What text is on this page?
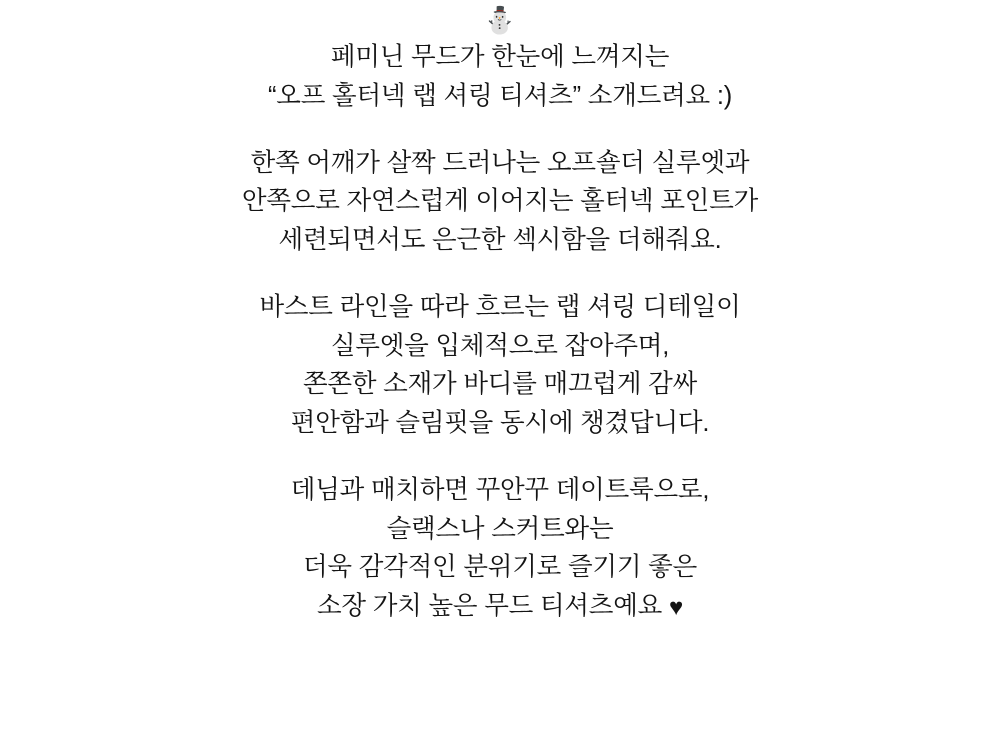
⛄

페미닌 무드가 한눈에 느껴지는
“오프 홀터넥 랩 셔링 티셔츠” 소개드려요 :)

한쪽 어깨가 살짝 드러나는 오프숄더 실루엣과
안쪽으로 자연스럽게 이어지는 홀터넥 포인트가
세련되면서도 은근한 섹시함을 더해줘요.

바스트 라인을 따라 흐르는 랩 셔링 디테일이
실루엣을 입체적으로 잡아주며,
쫀쫀한 소재가 바디를 매끄럽게 감싸
편안함과 슬림핏을 동시에 챙겼답니다.

데님과 매치하면 꾸안꾸 데이트룩으로,
슬랙스나 스커트와는
더욱 감각적인 분위기로 즐기기 좋은
소장 가치 높은 무드 티셔츠예요 ♥
